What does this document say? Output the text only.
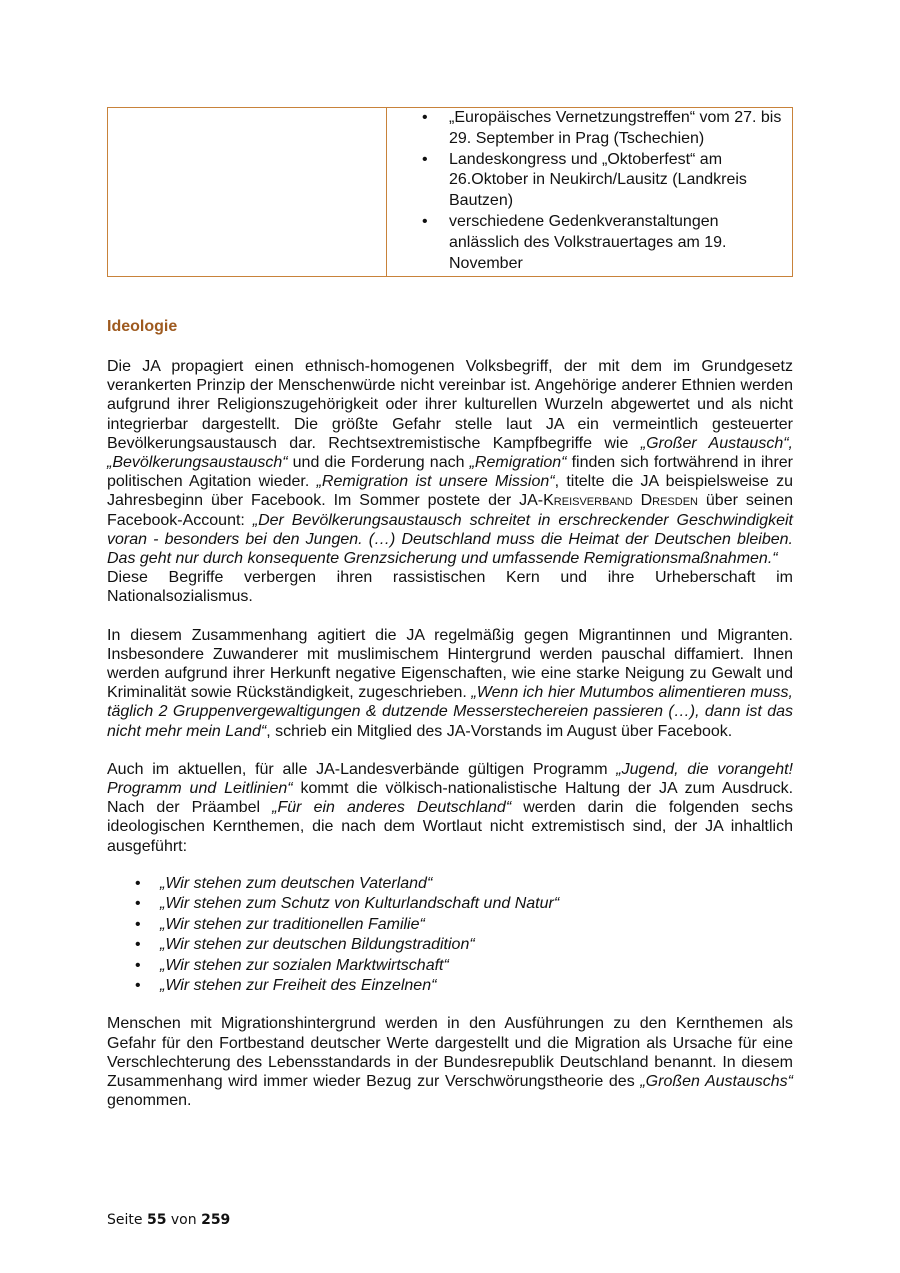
• „Europäisches Vernetzungstreffen“ vom 27. bis 29. September in Prag (Tschechien)
• Landeskongress und „Oktoberfest“ am 26.Oktober in Neukirch/Lausitz (Landkreis Bautzen)
• verschiedene Gedenkveranstaltungen anlässlich des Volkstrauertages am 19. November
Ideologie

Die JA propagiert einen ethnisch-homogenen Volksbegriff, der mit dem im Grundgesetz verankerten Prinzip der Menschenwürde nicht vereinbar ist. Angehörige anderer Ethnien werden aufgrund ihrer Religionszugehörigkeit oder ihrer kulturellen Wurzeln abgewertet und als nicht integrierbar dargestellt. Die größte Gefahr stelle laut JA ein vermeintlich gesteuerter Bevölkerungsaustausch dar. Rechtsextremistische Kampfbegriffe wie „Großer Austausch“, „Bevölkerungsaustausch“ und die Forderung nach „Remigration“ finden sich fortwährend in ihrer politischen Agitation wieder. „Remigration ist unsere Mission“, titelte die JA beispielsweise zu Jahresbeginn über Facebook. Im Sommer postete der JA-Kreisverband Dresden über seinen Facebook-Account: „Der Bevölkerungsaustausch schreitet in erschreckender Geschwindigkeit voran - besonders bei den Jungen. (…) Deutschland muss die Heimat der Deutschen bleiben. Das geht nur durch konsequente Grenzsicherung und umfassende Remigrationsmaßnahmen.“
Diese Begriffe verbergen ihren rassistischen Kern und ihre Urheberschaft im Nationalsozialismus.

In diesem Zusammenhang agitiert die JA regelmäßig gegen Migrantinnen und Migranten. Insbesondere Zuwanderer mit muslimischem Hintergrund werden pauschal diffamiert. Ihnen werden aufgrund ihrer Herkunft negative Eigenschaften, wie eine starke Neigung zu Gewalt und Kriminalität sowie Rückständigkeit, zugeschrieben. „Wenn ich hier Mutumbos alimentieren muss, täglich 2 Gruppenvergewaltigungen & dutzende Messerstechereien passieren (…), dann ist das nicht mehr mein Land“, schrieb ein Mitglied des JA-Vorstands im August über Facebook.

Auch im aktuellen, für alle JA-Landesverbände gültigen Programm „Jugend, die vorangeht! Programm und Leitlinien“ kommt die völkisch-nationalistische Haltung der JA zum Ausdruck. Nach der Präambel „Für ein anderes Deutschland“ werden darin die folgenden sechs ideologischen Kernthemen, die nach dem Wortlaut nicht extremistisch sind, der JA inhaltlich ausgeführt:

• „Wir stehen zum deutschen Vaterland“
• „Wir stehen zum Schutz von Kulturlandschaft und Natur“
• „Wir stehen zur traditionellen Familie“
• „Wir stehen zur deutschen Bildungstradition“
• „Wir stehen zur sozialen Marktwirtschaft“
• „Wir stehen zur Freiheit des Einzelnen“

Menschen mit Migrationshintergrund werden in den Ausführungen zu den Kernthemen als Gefahr für den Fortbestand deutscher Werte dargestellt und die Migration als Ursache für eine Verschlechterung des Lebensstandards in der Bundesrepublik Deutschland benannt. In diesem Zusammenhang wird immer wieder Bezug zur Verschwörungstheorie des „Großen Austauschs“ genommen.

Seite 55 von 259
